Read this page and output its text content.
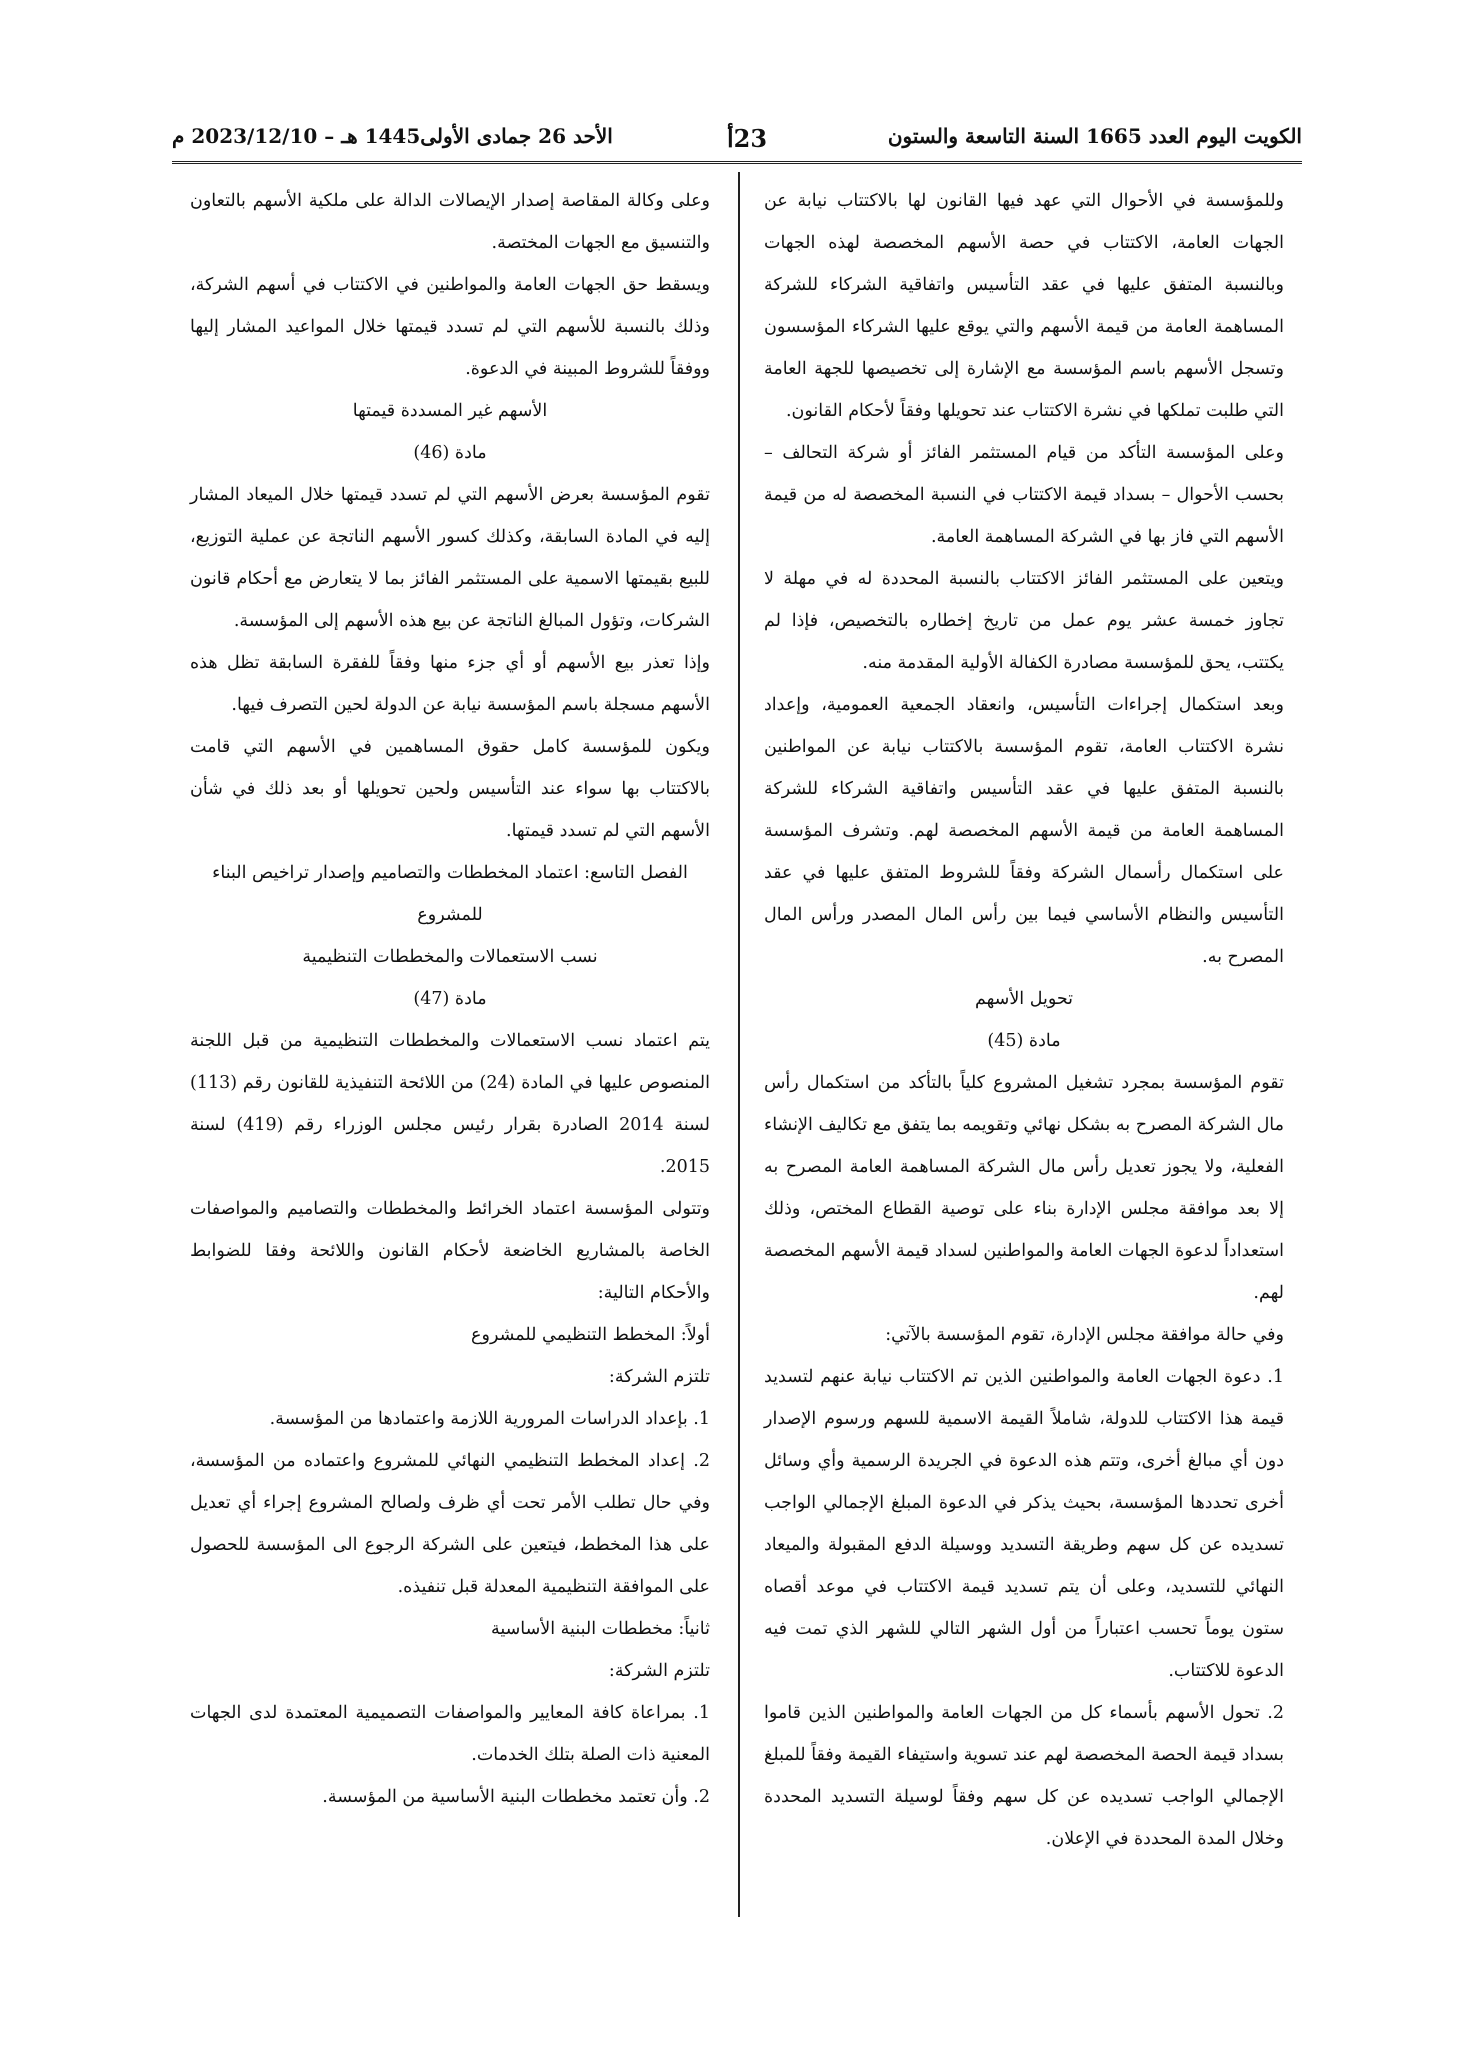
الكويت اليوم العدد 1665 السنة التاسعة والستون
23أ
الأحد 26 جمادى الأولى1445 هـ – 2023/12/10 م

وللمؤسسة في الأحوال التي عهد فيها القانون لها بالاكتتاب نيابة عن الجهات العامة، الاكتتاب في حصة الأسهم المخصصة لهذه الجهات وبالنسبة المتفق عليها في عقد التأسيس واتفاقية الشركاء للشركة المساهمة العامة من قيمة الأسهم والتي يوقع عليها الشركاء المؤسسون وتسجل الأسهم باسم المؤسسة مع الإشارة إلى تخصيصها للجهة العامة التي طلبت تملكها في نشرة الاكتتاب عند تحويلها وفقاً لأحكام القانون.

وعلى المؤسسة التأكد من قيام المستثمر الفائز أو شركة التحالف – بحسب الأحوال – بسداد قيمة الاكتتاب في النسبة المخصصة له من قيمة الأسهم التي فاز بها في الشركة المساهمة العامة.

ويتعين على المستثمر الفائز الاكتتاب بالنسبة المحددة له في مهلة لا تجاوز خمسة عشر يوم عمل من تاريخ إخطاره بالتخصيص، فإذا لم يكتتب، يحق للمؤسسة مصادرة الكفالة الأولية المقدمة منه.

وبعد استكمال إجراءات التأسيس، وانعقاد الجمعية العمومية، وإعداد نشرة الاكتتاب العامة، تقوم المؤسسة بالاكتتاب نيابة عن المواطنين بالنسبة المتفق عليها في عقد التأسيس واتفاقية الشركاء للشركة المساهمة العامة من قيمة الأسهم المخصصة لهم. وتشرف المؤسسة على استكمال رأسمال الشركة وفقاً للشروط المتفق عليها في عقد التأسيس والنظام الأساسي فيما بين رأس المال المصدر ورأس المال المصرح به.

تحويل الأسهم

مادة (45)

تقوم المؤسسة بمجرد تشغيل المشروع كلياً بالتأكد من استكمال رأس مال الشركة المصرح به بشكل نهائي وتقويمه بما يتفق مع تكاليف الإنشاء الفعلية، ولا يجوز تعديل رأس مال الشركة المساهمة العامة المصرح به إلا بعد موافقة مجلس الإدارة بناء على توصية القطاع المختص، وذلك استعداداً لدعوة الجهات العامة والمواطنين لسداد قيمة الأسهم المخصصة لهم.

وفي حالة موافقة مجلس الإدارة، تقوم المؤسسة بالآتي:

1. دعوة الجهات العامة والمواطنين الذين تم الاكتتاب نيابة عنهم لتسديد قيمة هذا الاكتتاب للدولة، شاملاً القيمة الاسمية للسهم ورسوم الإصدار دون أي مبالغ أخرى، وتتم هذه الدعوة في الجريدة الرسمية وأي وسائل أخرى تحددها المؤسسة، بحيث يذكر في الدعوة المبلغ الإجمالي الواجب تسديده عن كل سهم وطريقة التسديد ووسيلة الدفع المقبولة والميعاد النهائي للتسديد، وعلى أن يتم تسديد قيمة الاكتتاب في موعد أقصاه ستون يوماً تحسب اعتباراً من أول الشهر التالي للشهر الذي تمت فيه الدعوة للاكتتاب.

2. تحول الأسهم بأسماء كل من الجهات العامة والمواطنين الذين قاموا بسداد قيمة الحصة المخصصة لهم عند تسوية واستيفاء القيمة وفقاً للمبلغ الإجمالي الواجب تسديده عن كل سهم وفقاً لوسيلة التسديد المحددة وخلال المدة المحددة في الإعلان.

وعلى وكالة المقاصة إصدار الإيصالات الدالة على ملكية الأسهم بالتعاون والتنسيق مع الجهات المختصة.

ويسقط حق الجهات العامة والمواطنين في الاكتتاب في أسهم الشركة، وذلك بالنسبة للأسهم التي لم تسدد قيمتها خلال المواعيد المشار إليها ووفقاً للشروط المبينة في الدعوة.

الأسهم غير المسددة قيمتها

مادة (46)

تقوم المؤسسة بعرض الأسهم التي لم تسدد قيمتها خلال الميعاد المشار إليه في المادة السابقة، وكذلك كسور الأسهم الناتجة عن عملية التوزيع، للبيع بقيمتها الاسمية على المستثمر الفائز بما لا يتعارض مع أحكام قانون الشركات، وتؤول المبالغ الناتجة عن بيع هذه الأسهم إلى المؤسسة.

وإذا تعذر بيع الأسهم أو أي جزء منها وفقاً للفقرة السابقة تظل هذه الأسهم مسجلة باسم المؤسسة نيابة عن الدولة لحين التصرف فيها.

ويكون للمؤسسة كامل حقوق المساهمين في الأسهم التي قامت بالاكتتاب بها سواء عند التأسيس ولحين تحويلها أو بعد ذلك في شأن الأسهم التي لم تسدد قيمتها.

الفصل التاسع: اعتماد المخططات والتصاميم وإصدار تراخيص البناء للمشروع

نسب الاستعمالات والمخططات التنظيمية

مادة (47)

يتم اعتماد نسب الاستعمالات والمخططات التنظيمية من قبل اللجنة المنصوص عليها في المادة (24) من اللائحة التنفيذية للقانون رقم (113) لسنة 2014 الصادرة بقرار رئيس مجلس الوزراء رقم (419) لسنة 2015.

وتتولى المؤسسة اعتماد الخرائط والمخططات والتصاميم والمواصفات الخاصة بالمشاريع الخاضعة لأحكام القانون واللائحة وفقا للضوابط والأحكام التالية:

أولاً: المخطط التنظيمي للمشروع

تلتزم الشركة:

1. بإعداد الدراسات المرورية اللازمة واعتمادها من المؤسسة.

2. إعداد المخطط التنظيمي النهائي للمشروع واعتماده من المؤسسة، وفي حال تطلب الأمر تحت أي ظرف ولصالح المشروع إجراء أي تعديل على هذا المخطط، فيتعين على الشركة الرجوع الى المؤسسة للحصول على الموافقة التنظيمية المعدلة قبل تنفيذه.

ثانياً: مخططات البنية الأساسية

تلتزم الشركة:

1. بمراعاة كافة المعايير والمواصفات التصميمية المعتمدة لدى الجهات المعنية ذات الصلة بتلك الخدمات.

2. وأن تعتمد مخططات البنية الأساسية من المؤسسة.
